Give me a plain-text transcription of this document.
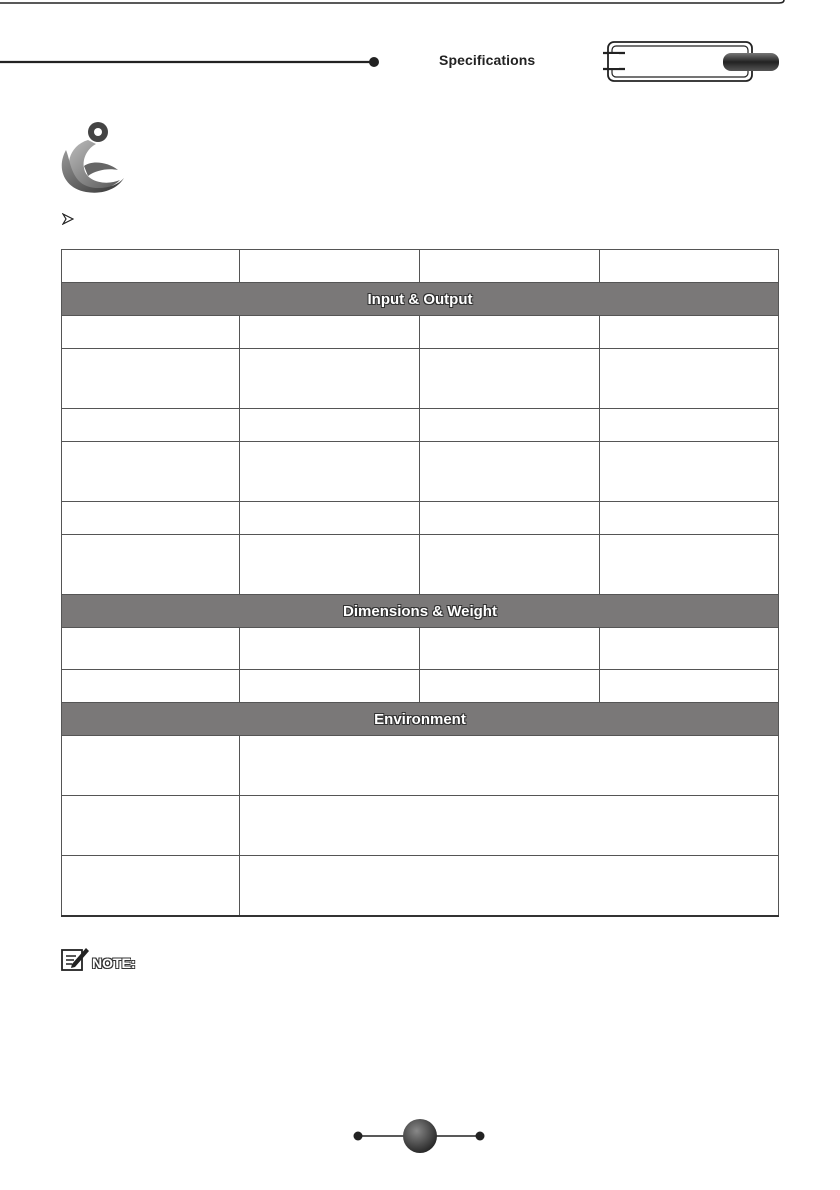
Specifications

Input & Output			

Dimensions & Weight			

Environment			

NOTE:
